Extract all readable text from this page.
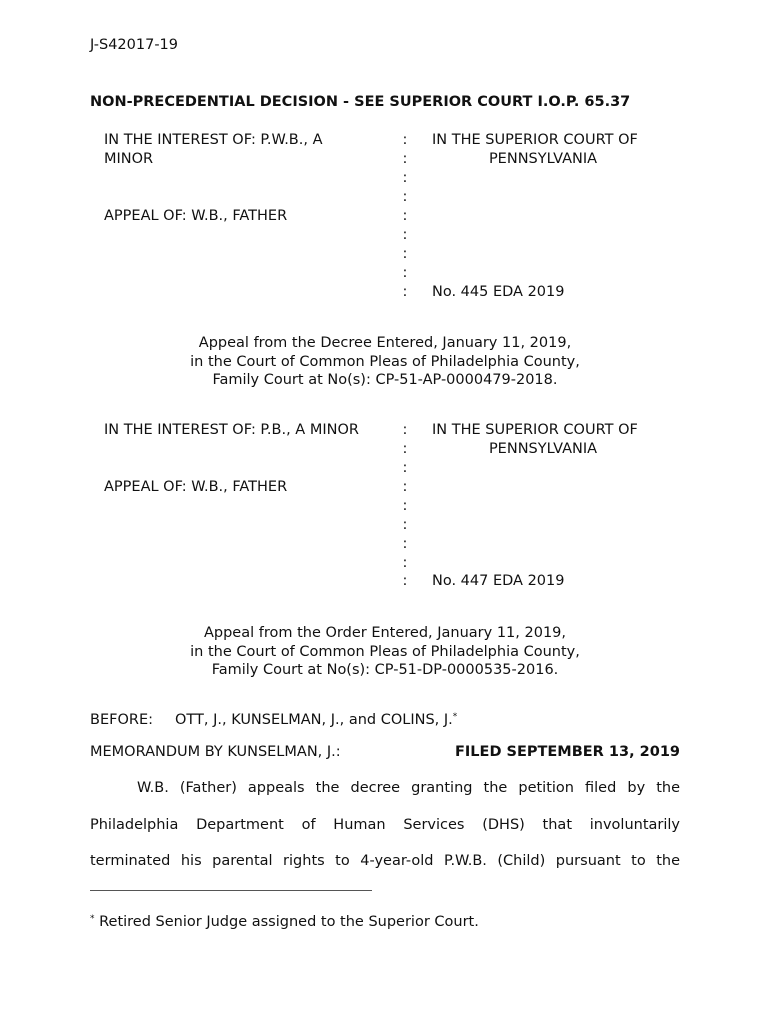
J-S42017-19
NON-PRECEDENTIAL DECISION - SEE SUPERIOR COURT I.O.P. 65.37
IN THE INTEREST OF: P.W.B., A
MINOR
APPEAL OF: W.B., FATHER
IN THE SUPERIOR COURT OF
PENNSYLVANIA
No. 445 EDA 2019
:
:
:
:
:
:
:
:
:
Appeal from the Decree Entered, January 11, 2019,
in the Court of Common Pleas of Philadelphia County,
Family Court at No(s): CP-51-AP-0000479-2018.
IN THE INTEREST OF: P.B., A MINOR
APPEAL OF: W.B., FATHER
IN THE SUPERIOR COURT OF
PENNSYLVANIA
No. 447 EDA 2019
:
:
:
:
:
:
:
:
:
Appeal from the Order Entered, January 11, 2019,
in the Court of Common Pleas of Philadelphia County,
Family Court at No(s): CP-51-DP-0000535-2016.
BEFORE: OTT, J., KUNSELMAN, J., and COLINS, J.*
MEMORANDUM BY KUNSELMAN, J.:	FILED SEPTEMBER 13, 2019
W.B. (Father) appeals the decree granting the petition filed by the
Philadelphia Department of Human Services (DHS) that involuntarily
terminated his parental rights to 4-year-old P.W.B. (Child) pursuant to the
* Retired Senior Judge assigned to the Superior Court.
